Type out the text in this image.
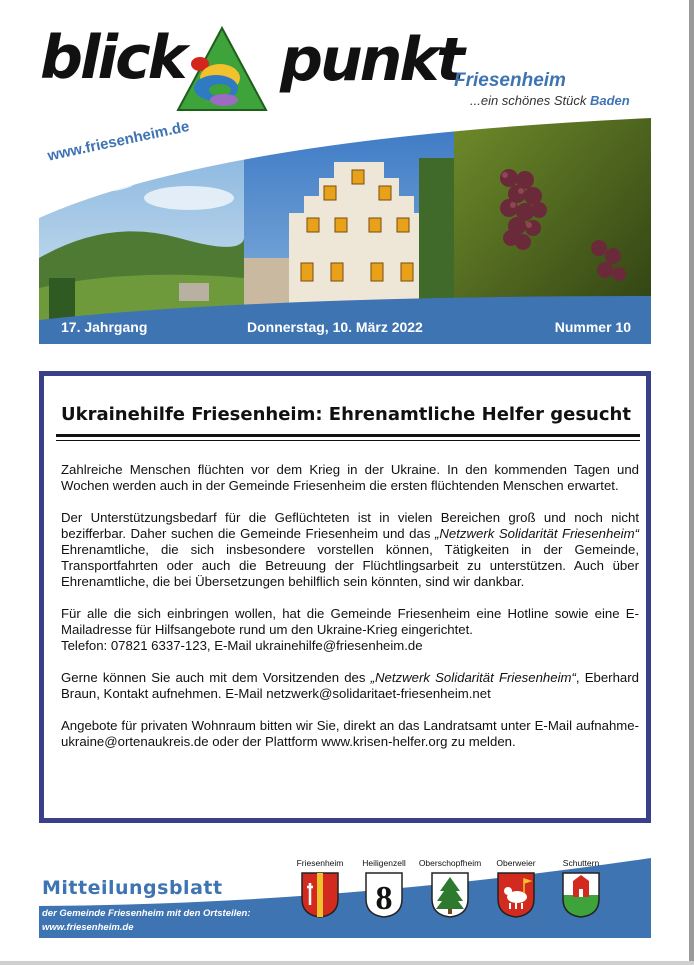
blick punkt
Friesenheim
...ein schönes Stück Baden
www.friesenheim.de
17. Jahrgang	Donnerstag, 10. März 2022	Nummer 10
Ukrainehilfe Friesenheim: Ehrenamtliche Helfer gesucht

Zahlreiche Menschen flüchten vor dem Krieg in der Ukraine. In den kommenden Tagen und Wochen werden auch in der Gemeinde Friesenheim die ersten flüchtenden Menschen erwartet.

Der Unterstützungsbedarf für die Geflüchteten ist in vielen Bereichen groß und noch nicht bezifferbar. Daher suchen die Gemeinde Friesenheim und das „Netzwerk Solidarität Friesenheim“ Ehrenamtliche, die sich insbesondere vorstellen können, Tätigkeiten in der Gemeinde, Transportfahrten oder auch die Betreuung der Flüchtlingsarbeit zu unterstützen. Auch über Ehrenamtliche, die bei Übersetzungen behilflich sein könnten, sind wir dankbar.

Für alle die sich einbringen wollen, hat die Gemeinde Friesenheim eine Hotline sowie eine E-Mailadresse für Hilfsangebote rund um den Ukraine-Krieg eingerichtet.
Telefon: 07821 6337-123, E-Mail ukrainehilfe@friesenheim.de

Gerne können Sie auch mit dem Vorsitzenden des „Netzwerk Solidarität Friesenheim“, Eberhard Braun, Kontakt aufnehmen. E-Mail netzwerk@solidaritaet-friesenheim.net

Angebote für privaten Wohnraum bitten wir Sie, direkt an das Landratsamt unter E-Mail aufnahme-ukraine@ortenaukreis.de oder der Plattform www.krisen-helfer.org zu melden.

Mitteilungsblatt
der Gemeinde Friesenheim mit den Ortsteilen:
www.friesenheim.de
Friesenheim Heiligenzell Oberschopfheim Oberweier	Schuttern
8
